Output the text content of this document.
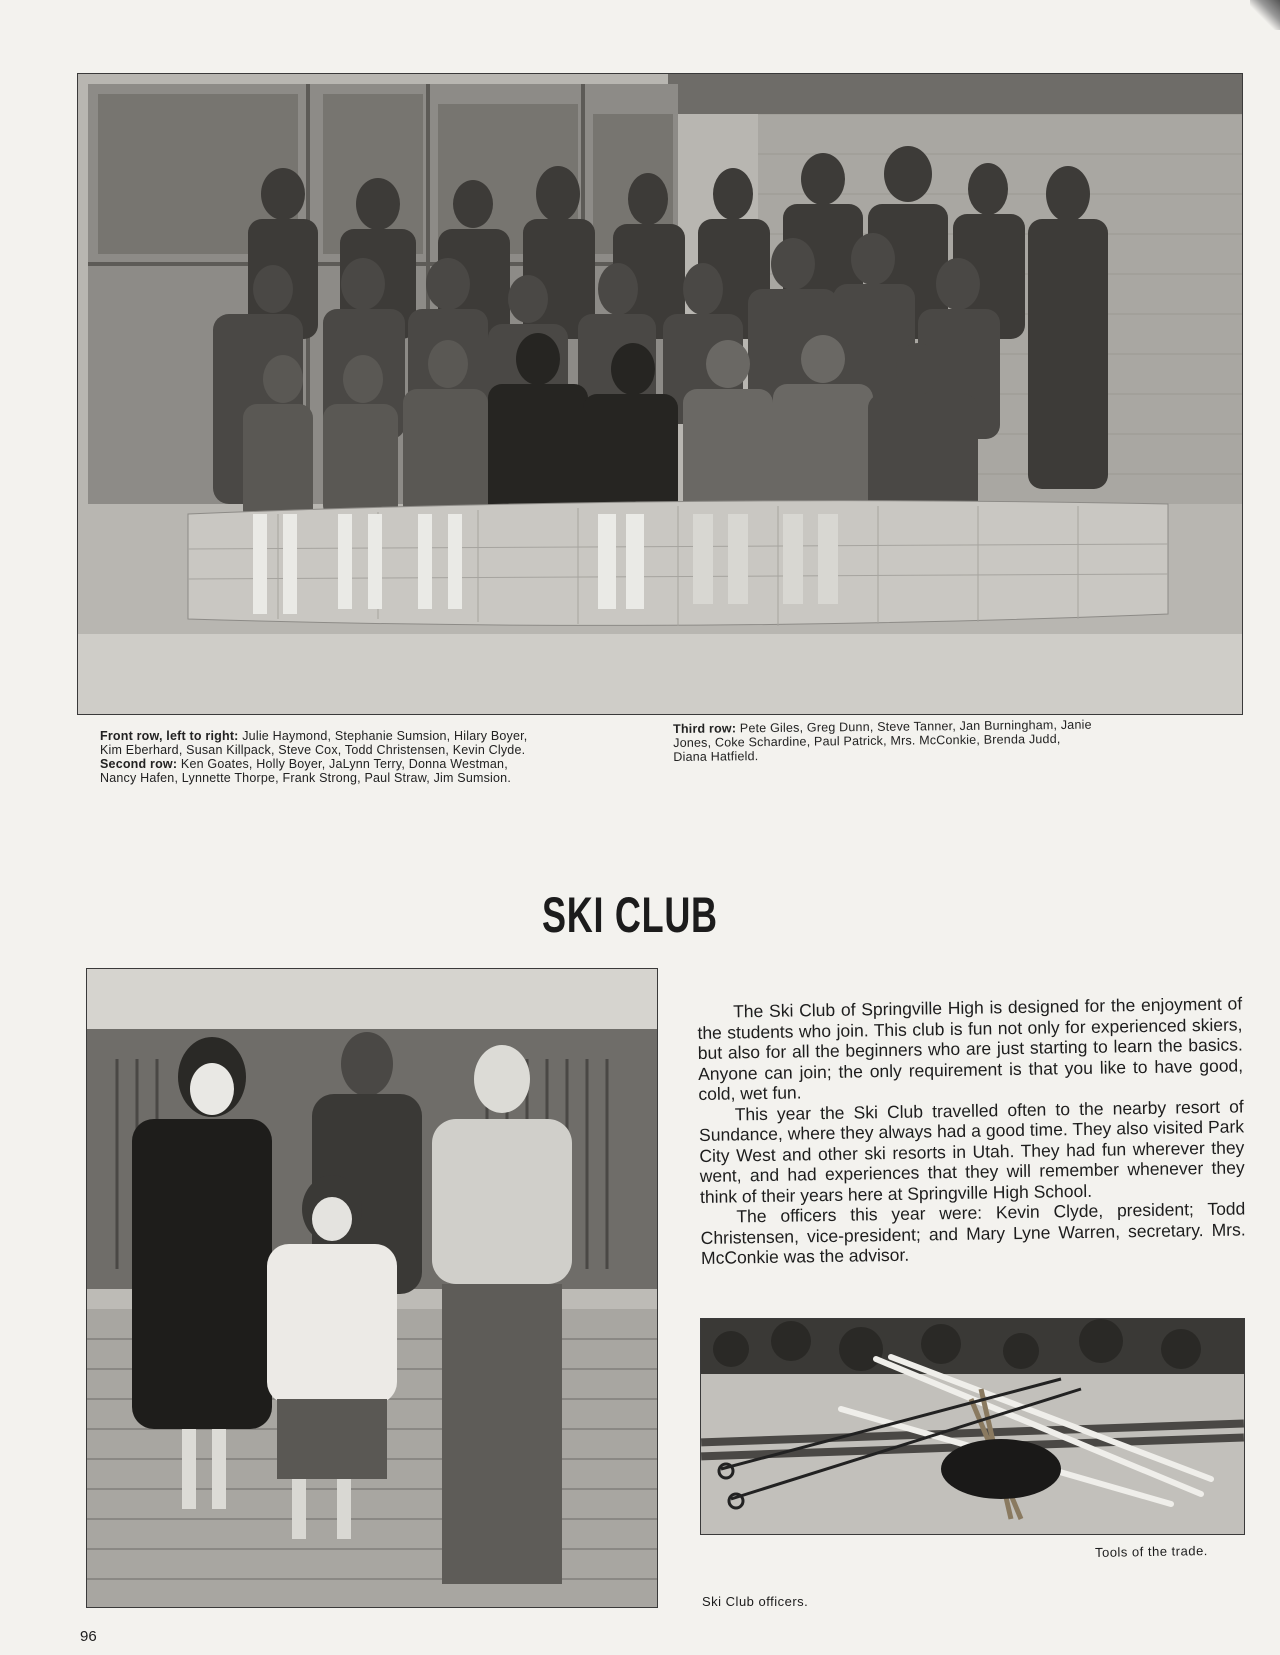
Front row, left to right: Julie Haymond, Stephanie Sumsion, Hilary Boyer,
Kim Eberhard, Susan Killpack, Steve Cox, Todd Christensen, Kevin Clyde.
Second row: Ken Goates, Holly Boyer, JaLynn Terry, Donna Westman,
Nancy Hafen, Lynnette Thorpe, Frank Strong, Paul Straw, Jim Sumsion.
Third row: Pete Giles, Greg Dunn, Steve Tanner, Jan Burningham, Janie
Jones, Coke Schardine, Paul Patrick, Mrs. McConkie, Brenda Judd,
Diana Hatfield.
SKI CLUB

The Ski Club of Springville High is designed for the enjoyment of the students who join. This club is fun not only for experienced skiers, but also for all the beginners who are just starting to learn the basics. Anyone can join; the only requirement is that you like to have good, cold, wet fun.

This year the Ski Club travelled often to the nearby resort of Sundance, where they always had a good time. They also visited Park City West and other ski resorts in Utah. They had fun wherever they went, and had experiences that they will remember whenever they think of their years here at Springville High School.

The officers this year were: Kevin Clyde, president; Todd Christensen, vice-president; and Mary Lyne Warren, secretary. Mrs. McConkie was the advisor.

Tools of the trade.
Ski Club officers.
96
